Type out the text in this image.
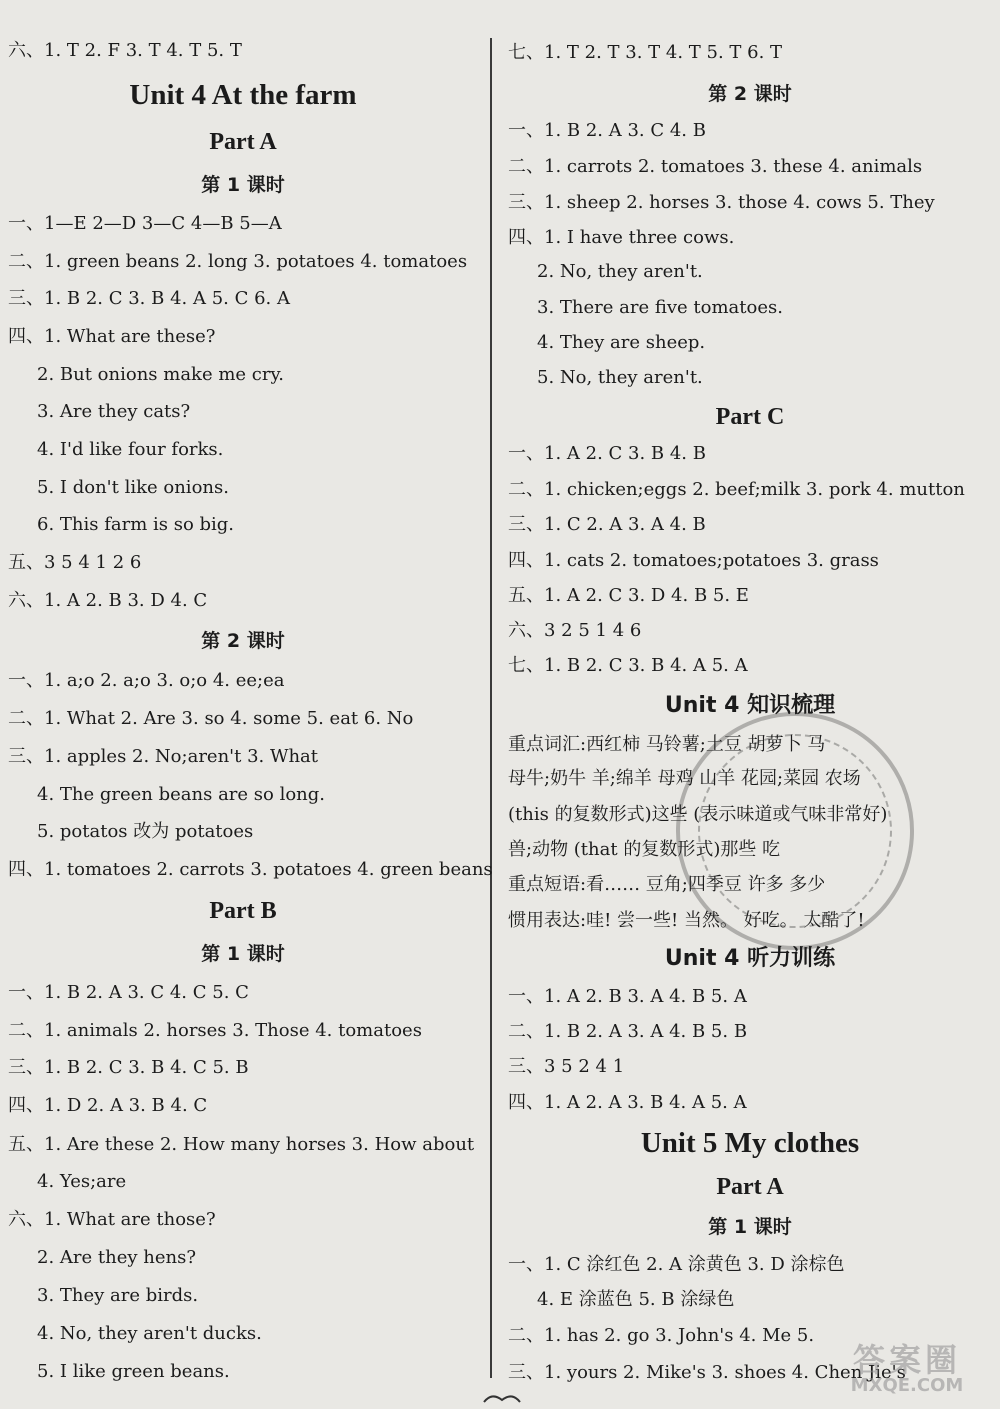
六、1. T 2. F 3. T 4. T 5. T
Unit 4 At the farm
Part A
第 1 课时
一、1—E 2—D 3—C 4—B 5—A
二、1. green beans 2. long 3. potatoes 4. tomatoes
三、1. B 2. C 3. B 4. A 5. C 6. A
四、1. What are these?
2. But onions make me cry.
3. Are they cats?
4. I'd like four forks.
5. I don't like onions.
6. This farm is so big.
五、3 5 4 1 2 6
六、1. A 2. B 3. D 4. C
第 2 课时
一、1. a;o 2. a;o 3. o;o 4. ee;ea
二、1. What 2. Are 3. so 4. some 5. eat 6. No
三、1. apples 2. No;aren't 3. What
4. The green beans are so long.
5. potatos 改为 potatoes
四、1. tomatoes 2. carrots 3. potatoes 4. green beans
Part B
第 1 课时
一、1. B 2. A 3. C 4. C 5. C
二、1. animals 2. horses 3. Those 4. tomatoes
三、1. B 2. C 3. B 4. C 5. B
四、1. D 2. A 3. B 4. C
五、1. Are these 2. How many horses 3. How about
4. Yes;are
六、1. What are those?
2. Are they hens?
3. They are birds.
4. No, they aren't ducks.
5. I like green beans.
七、1. T 2. T 3. T 4. T 5. T 6. T
第 2 课时
一、1. B 2. A 3. C 4. B
二、1. carrots 2. tomatoes 3. these 4. animals
三、1. sheep 2. horses 3. those 4. cows 5. They
四、1. I have three cows.
2. No, they aren't.
3. There are five tomatoes.
4. They are sheep.
5. No, they aren't.
Part C
一、1. A 2. C 3. B 4. B
二、1. chicken;eggs 2. beef;milk 3. pork 4. mutton
三、1. C 2. A 3. A 4. B
四、1. cats 2. tomatoes;potatoes 3. grass
五、1. A 2. C 3. D 4. B 5. E
六、3 2 5 1 4 6
七、1. B 2. C 3. B 4. A 5. A
Unit 4 知识梳理
重点词汇:西红柿 马铃薯;土豆 胡萝卜 马
母牛;奶牛 羊;绵羊 母鸡 山羊 花园;菜园 农场
(this 的复数形式)这些 (表示味道或气味非常好)
兽;动物 (that 的复数形式)那些 吃
重点短语:看…… 豆角;四季豆 许多 多少
惯用表达:哇! 尝一些! 当然。 好吃。 太酷了!
Unit 4 听力训练
一、1. A 2. B 3. A 4. B 5. A
二、1. B 2. A 3. A 4. B 5. B
三、3 5 2 4 1
四、1. A 2. A 3. B 4. A 5. A
Unit 5 My clothes
Part A
第 1 课时
一、1. C 涂红色 2. A 涂黄色 3. D 涂棕色
4. E 涂蓝色 5. B 涂绿色
二、1. has 2. go 3. John's 4. Me 5.
三、1. yours 2. Mike's 3. shoes 4. Chen Jie's
答案圈
MXQE.COM
